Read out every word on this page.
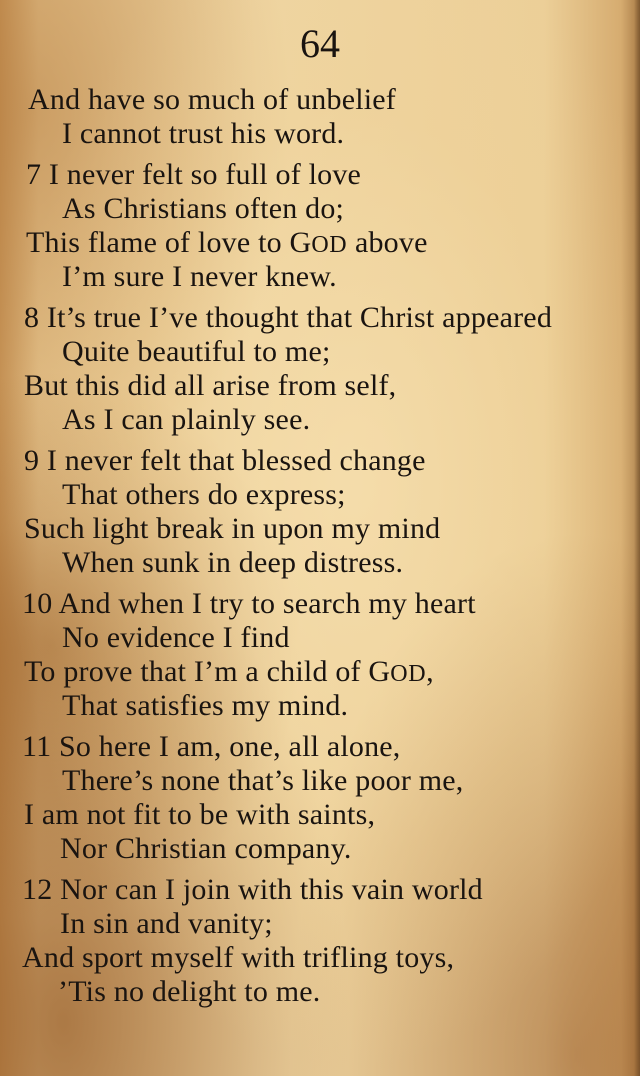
64
And have so much of unbelief
I cannot trust his word.
7 I never felt so full of love
As Christians often do;
This flame of love to GOD above
I’m sure I never knew.
8 It’s true I’ve thought that Christ appeared
Quite beautiful to me;
But this did all arise from self,
As I can plainly see.
9 I never felt that blessed change
That others do express;
Such light break in upon my mind
When sunk in deep distress.
10 And when I try to search my heart
No evidence I find
To prove that I’m a child of GOD,
That satisfies my mind.
11 So here I am, one, all alone,
There’s none that’s like poor me,
I am not fit to be with saints,
Nor Christian company.
12 Nor can I join with this vain world
In sin and vanity;
And sport myself with trifling toys,
’Tis no delight to me.
